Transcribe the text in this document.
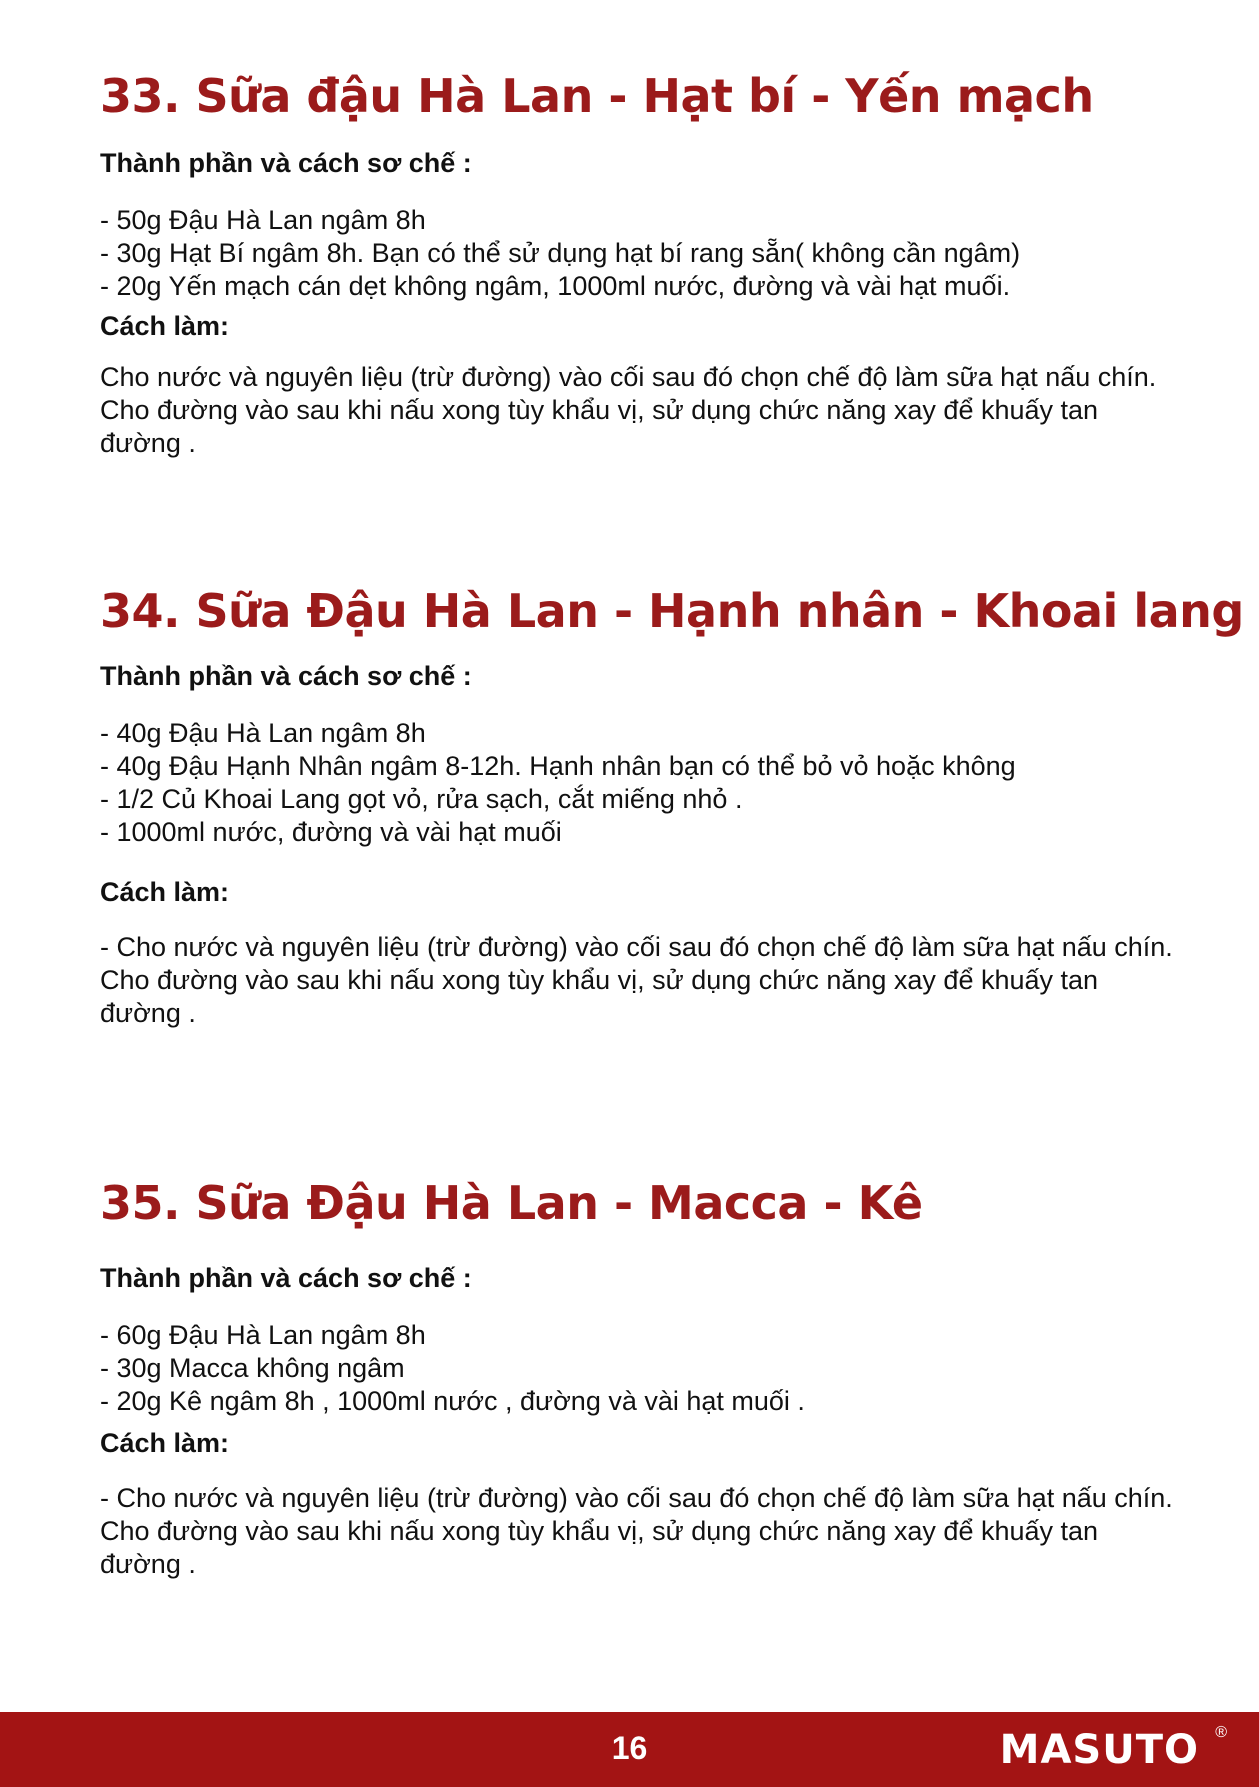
33. Sữa đậu Hà Lan - Hạt bí - Yến mạch
Thành phần và cách sơ chế :
- 50g Đậu Hà Lan ngâm 8h
- 30g Hạt Bí ngâm 8h. Bạn có thể sử dụng hạt bí rang sẵn( không cần ngâm)
- 20g Yến mạch cán dẹt không ngâm, 1000ml nước, đường và vài hạt muối.
Cách làm:

Cho nước và nguyên liệu (trừ đường) vào cối sau đó chọn chế độ làm sữa hạt nấu chín. Cho đường vào sau khi nấu xong tùy khẩu vị, sử dụng chức năng xay để khuấy tan đường .

34. Sữa Đậu Hà Lan - Hạnh nhân - Khoai lang
Thành phần và cách sơ chế :
- 40g Đậu Hà Lan ngâm 8h
- 40g Đậu Hạnh Nhân ngâm 8-12h. Hạnh nhân bạn có thể bỏ vỏ hoặc không
- 1/2 Củ Khoai Lang gọt vỏ, rửa sạch, cắt miếng nhỏ .
- 1000ml nước, đường và vài hạt muối
Cách làm:

- Cho nước và nguyên liệu (trừ đường) vào cối sau đó chọn chế độ làm sữa hạt nấu chín. Cho đường vào sau khi nấu xong tùy khẩu vị, sử dụng chức năng xay để khuấy tan đường .

35. Sữa Đậu Hà Lan - Macca - Kê
Thành phần và cách sơ chế :
- 60g Đậu Hà Lan ngâm 8h
- 30g Macca không ngâm
- 20g Kê ngâm 8h , 1000ml nước , đường và vài hạt muối .
Cách làm:

- Cho nước và nguyên liệu (trừ đường) vào cối sau đó chọn chế độ làm sữa hạt nấu chín. Cho đường vào sau khi nấu xong tùy khẩu vị, sử dụng chức năng xay để khuấy tan đường .

16	MASUTO ®
